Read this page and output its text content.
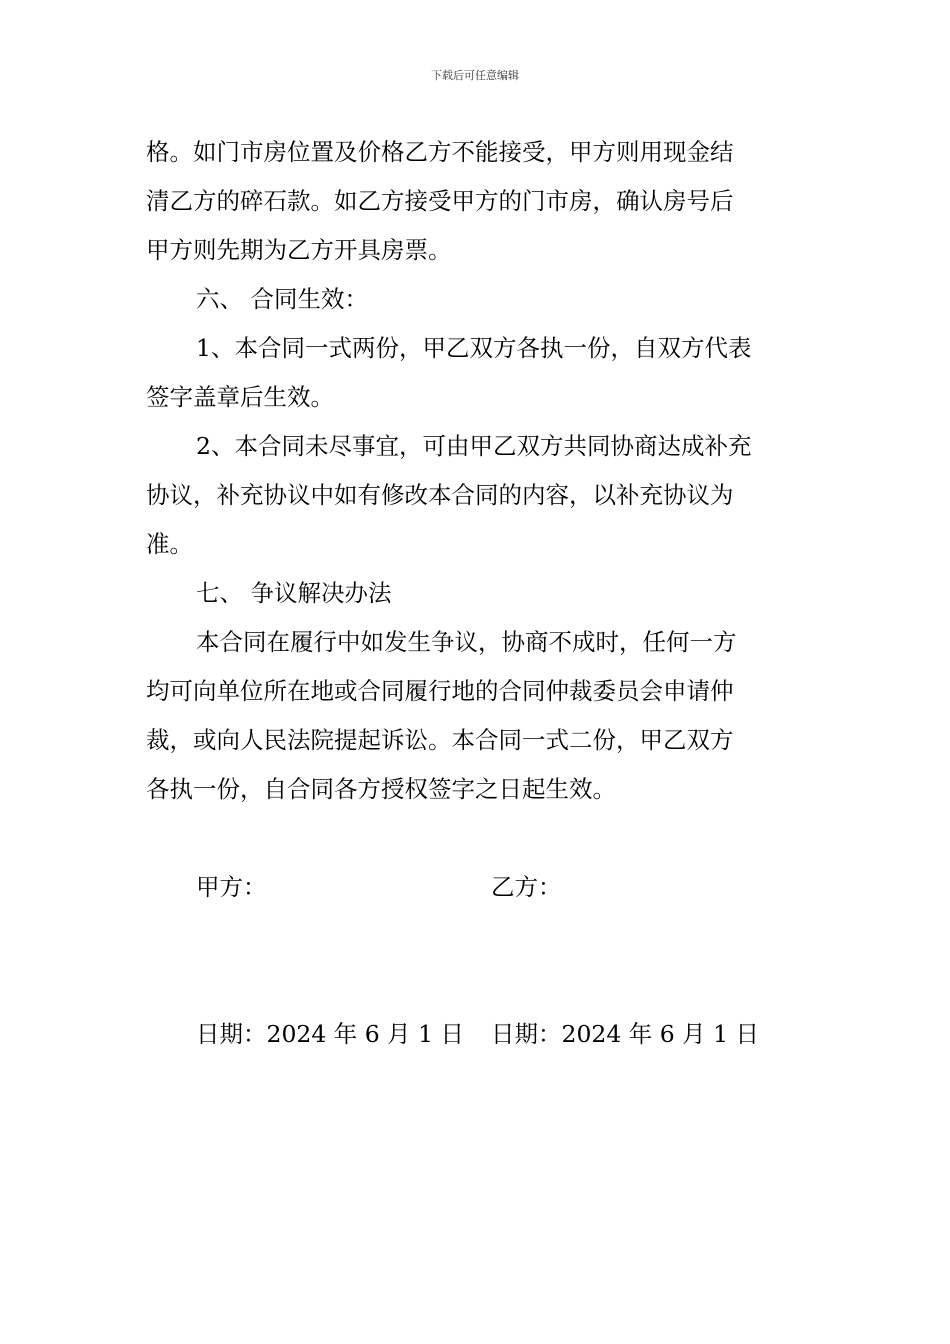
下载后可任意编辑
格。如门市房位置及价格乙方不能接受，甲方则用现金结
清乙方的碎石款。如乙方接受甲方的门市房，确认房号后
甲方则先期为乙方开具房票。
六、 合同生效：
1、本合同一式两份，甲乙双方各执一份，自双方代表
签字盖章后生效。
2、本合同未尽事宜，可由甲乙双方共同协商达成补充
协议，补充协议中如有修改本合同的内容，以补充协议为
准。
七、 争议解决办法
本合同在履行中如发生争议，协商不成时，任何一方
均可向单位所在地或合同履行地的合同仲裁委员会申请仲
裁，或向人民法院提起诉讼。本合同一式二份，甲乙双方
各执一份，自合同各方授权签字之日起生效。
甲方：	乙方：
日期：2024 年 6 月 1 日	日期：2024 年 6 月 1 日
